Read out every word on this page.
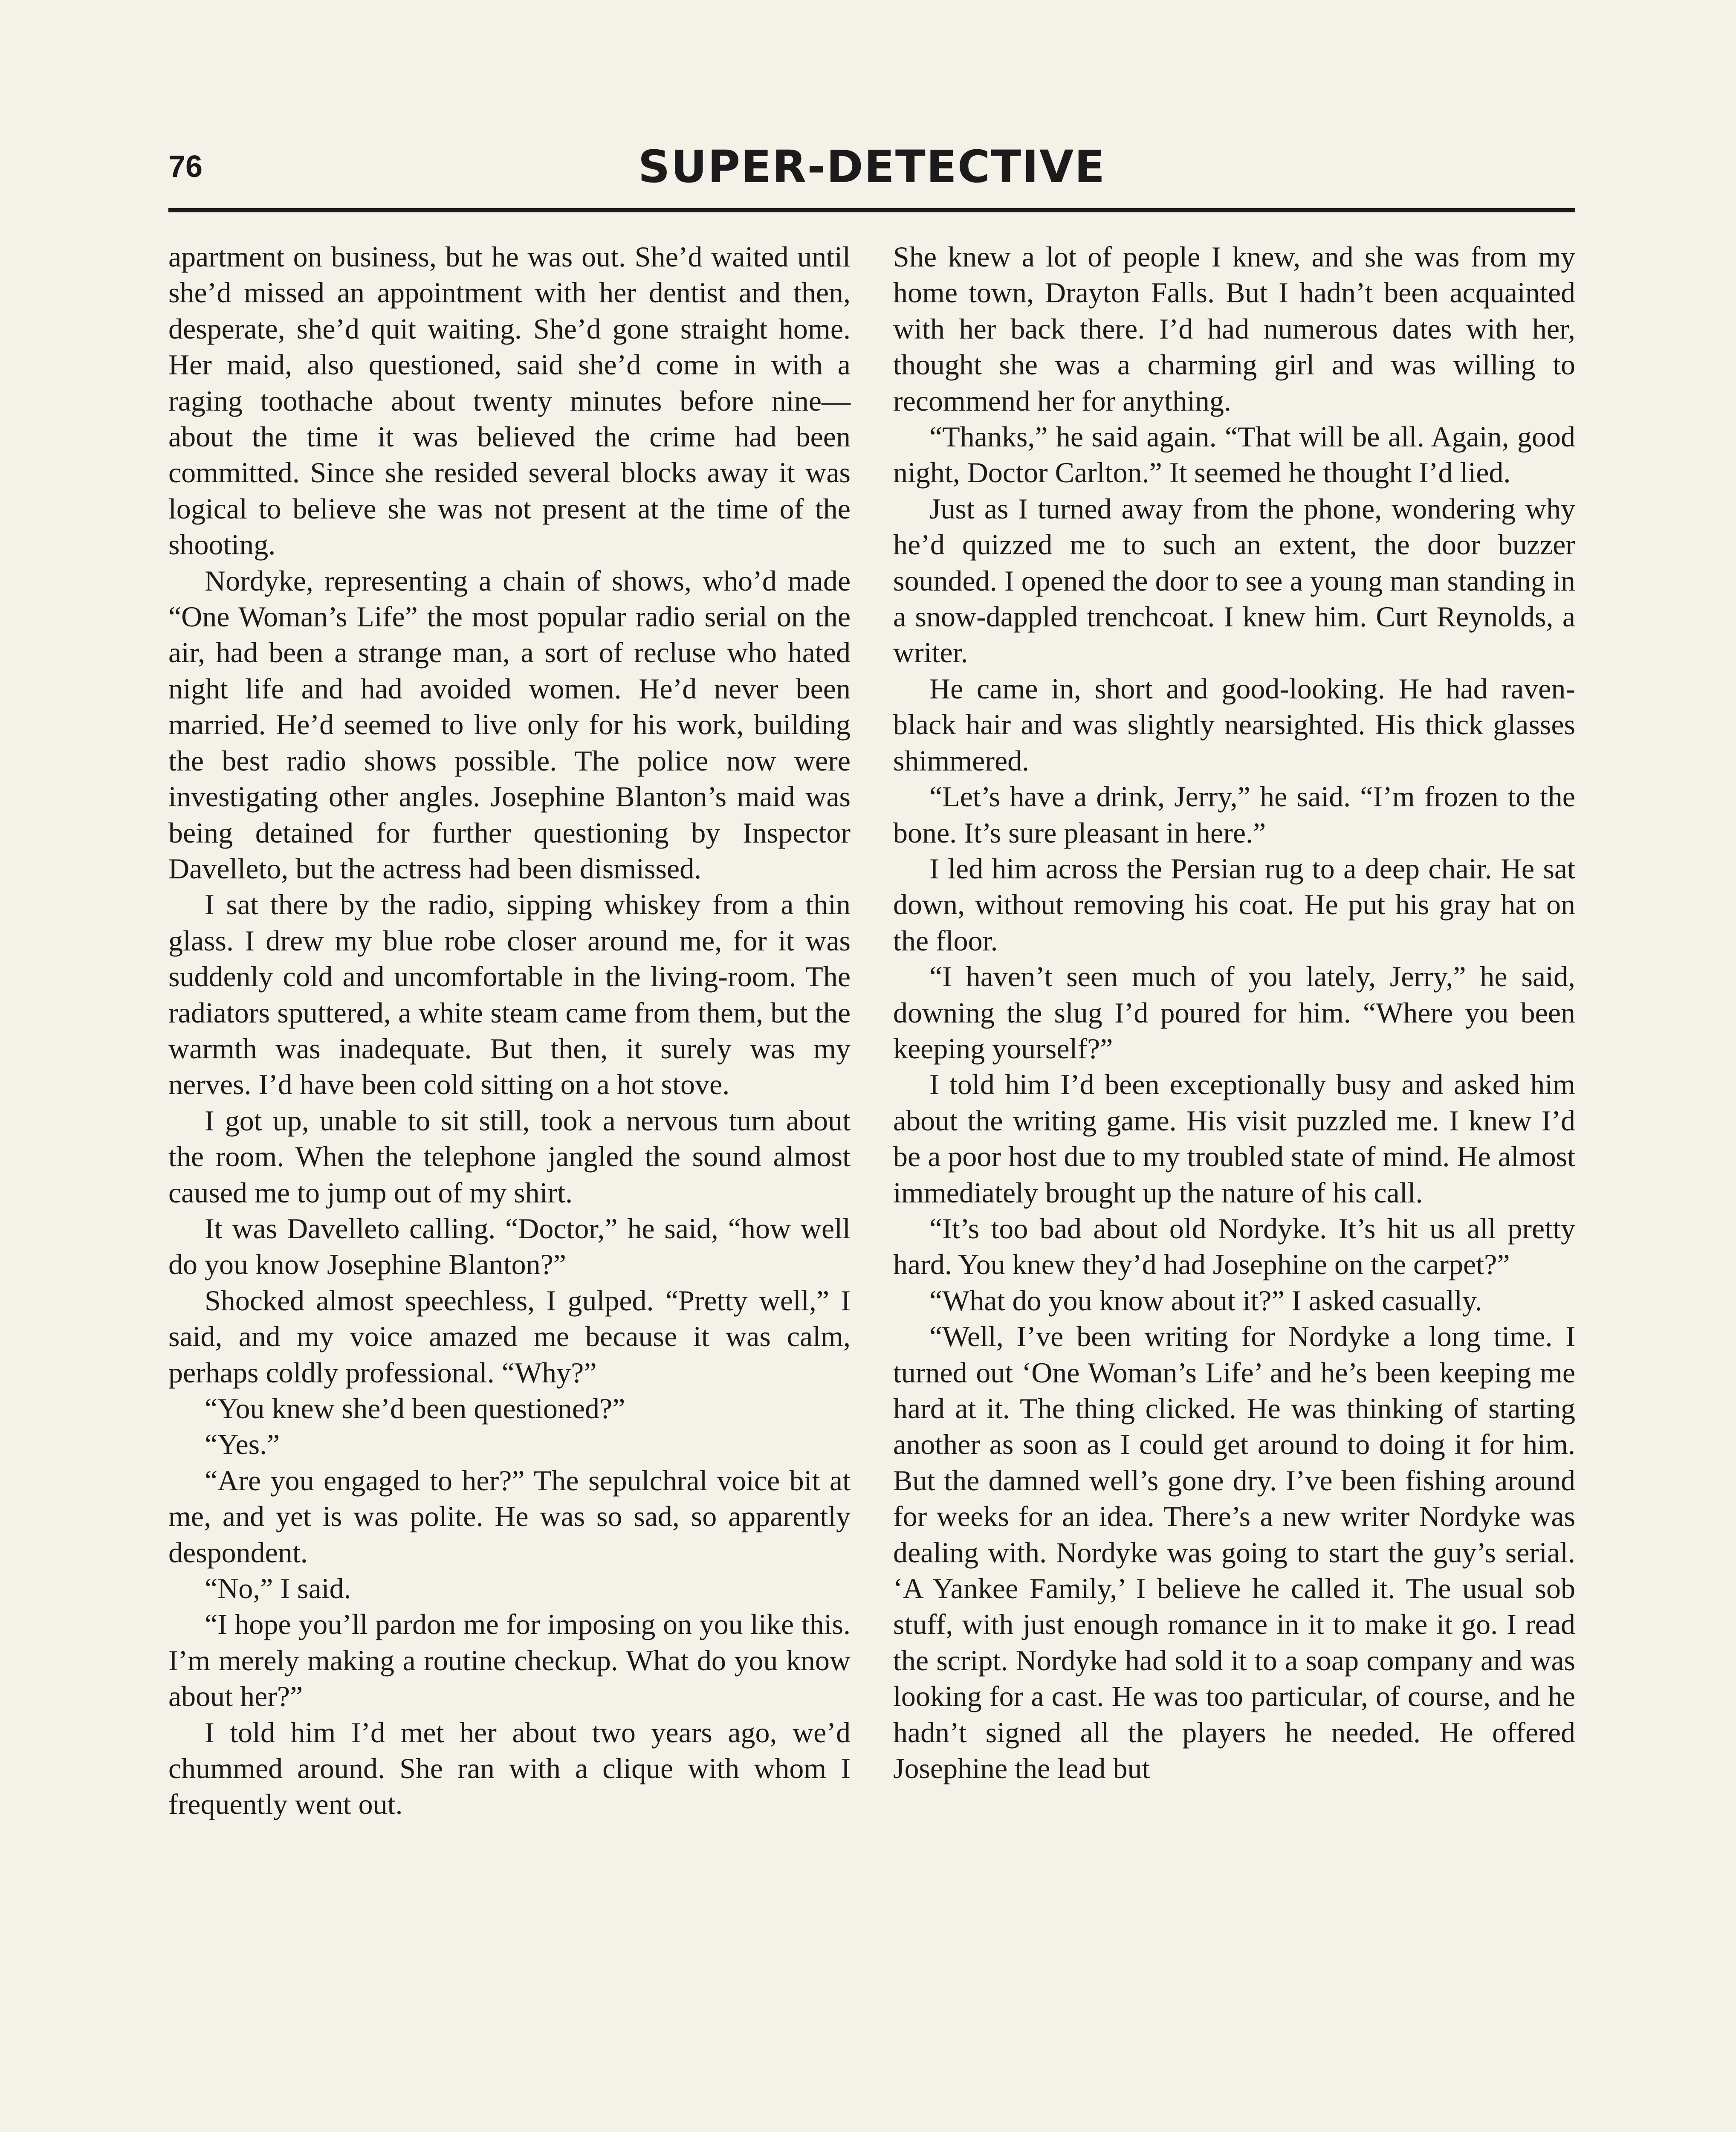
76	SUPER-DETECTIVE

apartment on business, but he was out. She’d waited until she’d missed an appointment with her dentist and then, desperate, she’d quit waiting. She’d gone straight home. Her maid, also questioned, said she’d come in with a raging toothache about twenty minutes before nine—about the time it was believed the crime had been committed. Since she resided several blocks away it was logical to believe she was not present at the time of the shooting.

Nordyke, representing a chain of shows, who’d made “One Woman’s Life” the most popular radio serial on the air, had been a strange man, a sort of recluse who hated night life and had avoided women. He’d never been married. He’d seemed to live only for his work, building the best radio shows possible. The police now were investigating other angles. Josephine Blanton’s maid was being detained for further questioning by Inspector Davelleto, but the actress had been dismissed.

I sat there by the radio, sipping whiskey from a thin glass. I drew my blue robe closer around me, for it was suddenly cold and uncomfortable in the living-room. The radiators sputtered, a white steam came from them, but the warmth was inadequate. But then, it surely was my nerves. I’d have been cold sitting on a hot stove.

I got up, unable to sit still, took a nervous turn about the room. When the telephone jangled the sound almost caused me to jump out of my shirt.

It was Davelleto calling. “Doctor,” he said, “how well do you know Josephine Blanton?”

Shocked almost speechless, I gulped. “Pretty well,” I said, and my voice amazed me because it was calm, perhaps coldly professional. “Why?”

“You knew she’d been questioned?”

“Yes.”

“Are you engaged to her?” The sepulchral voice bit at me, and yet is was polite. He was so sad, so apparently despondent.

“No,” I said.

“I hope you’ll pardon me for imposing on you like this. I’m merely making a routine checkup. What do you know about her?”

I told him I’d met her about two years ago, we’d chummed around. She ran with a clique with whom I frequently went out.

She knew a lot of people I knew, and she was from my home town, Drayton Falls. But I hadn’t been acquainted with her back there. I’d had numerous dates with her, thought she was a charming girl and was willing to recommend her for anything.

“Thanks,” he said again. “That will be all. Again, good night, Doctor Carlton.” It seemed he thought I’d lied.

Just as I turned away from the phone, wondering why he’d quizzed me to such an extent, the door buzzer sounded. I opened the door to see a young man standing in a snow-dappled trenchcoat. I knew him. Curt Reynolds, a writer.

He came in, short and good-looking. He had raven-black hair and was slightly nearsighted. His thick glasses shimmered.

“Let’s have a drink, Jerry,” he said. “I’m frozen to the bone. It’s sure pleasant in here.”

I led him across the Persian rug to a deep chair. He sat down, without removing his coat. He put his gray hat on the floor.

“I haven’t seen much of you lately, Jerry,” he said, downing the slug I’d poured for him. “Where you been keeping yourself?”

I told him I’d been exceptionally busy and asked him about the writing game. His visit puzzled me. I knew I’d be a poor host due to my troubled state of mind. He almost immediately brought up the nature of his call.

“It’s too bad about old Nordyke. It’s hit us all pretty hard. You knew they’d had Josephine on the carpet?”

“What do you know about it?” I asked casually.

“Well, I’ve been writing for Nordyke a long time. I turned out ‘One Woman’s Life’ and he’s been keeping me hard at it. The thing clicked. He was thinking of starting another as soon as I could get around to doing it for him. But the damned well’s gone dry. I’ve been fishing around for weeks for an idea. There’s a new writer Nordyke was dealing with. Nordyke was going to start the guy’s serial. ‘A Yankee Family,’ I believe he called it. The usual sob stuff, with just enough romance in it to make it go. I read the script. Nordyke had sold it to a soap company and was looking for a cast. He was too particular, of course, and he hadn’t signed all the players he needed. He offered Josephine the lead but
